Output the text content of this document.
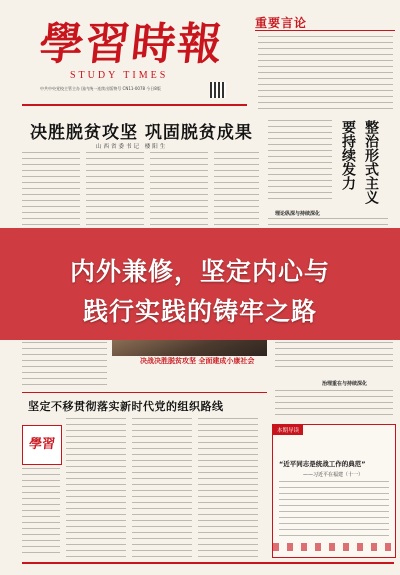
學習時報
STUDY TIMES
中共中央党校主管主办 国内统一连续出版物号 CN11-0078 今日8版
重要言论
决胜脱贫攻坚 巩固脱贫成果
山西省委书记 楼阳生	整治形式主义
要持续发力
理论纵深与持续深化
内外兼修，坚定内心与
践行实践的铸牢之路
决战决胜脱贫攻坚 全面建成小康社会
治理重在与持续深化
坚定不移贯彻落实新时代党的组织路线
學習
本期导读
“近平同志是统战工作的典范”
——习近平在福建（十一）
